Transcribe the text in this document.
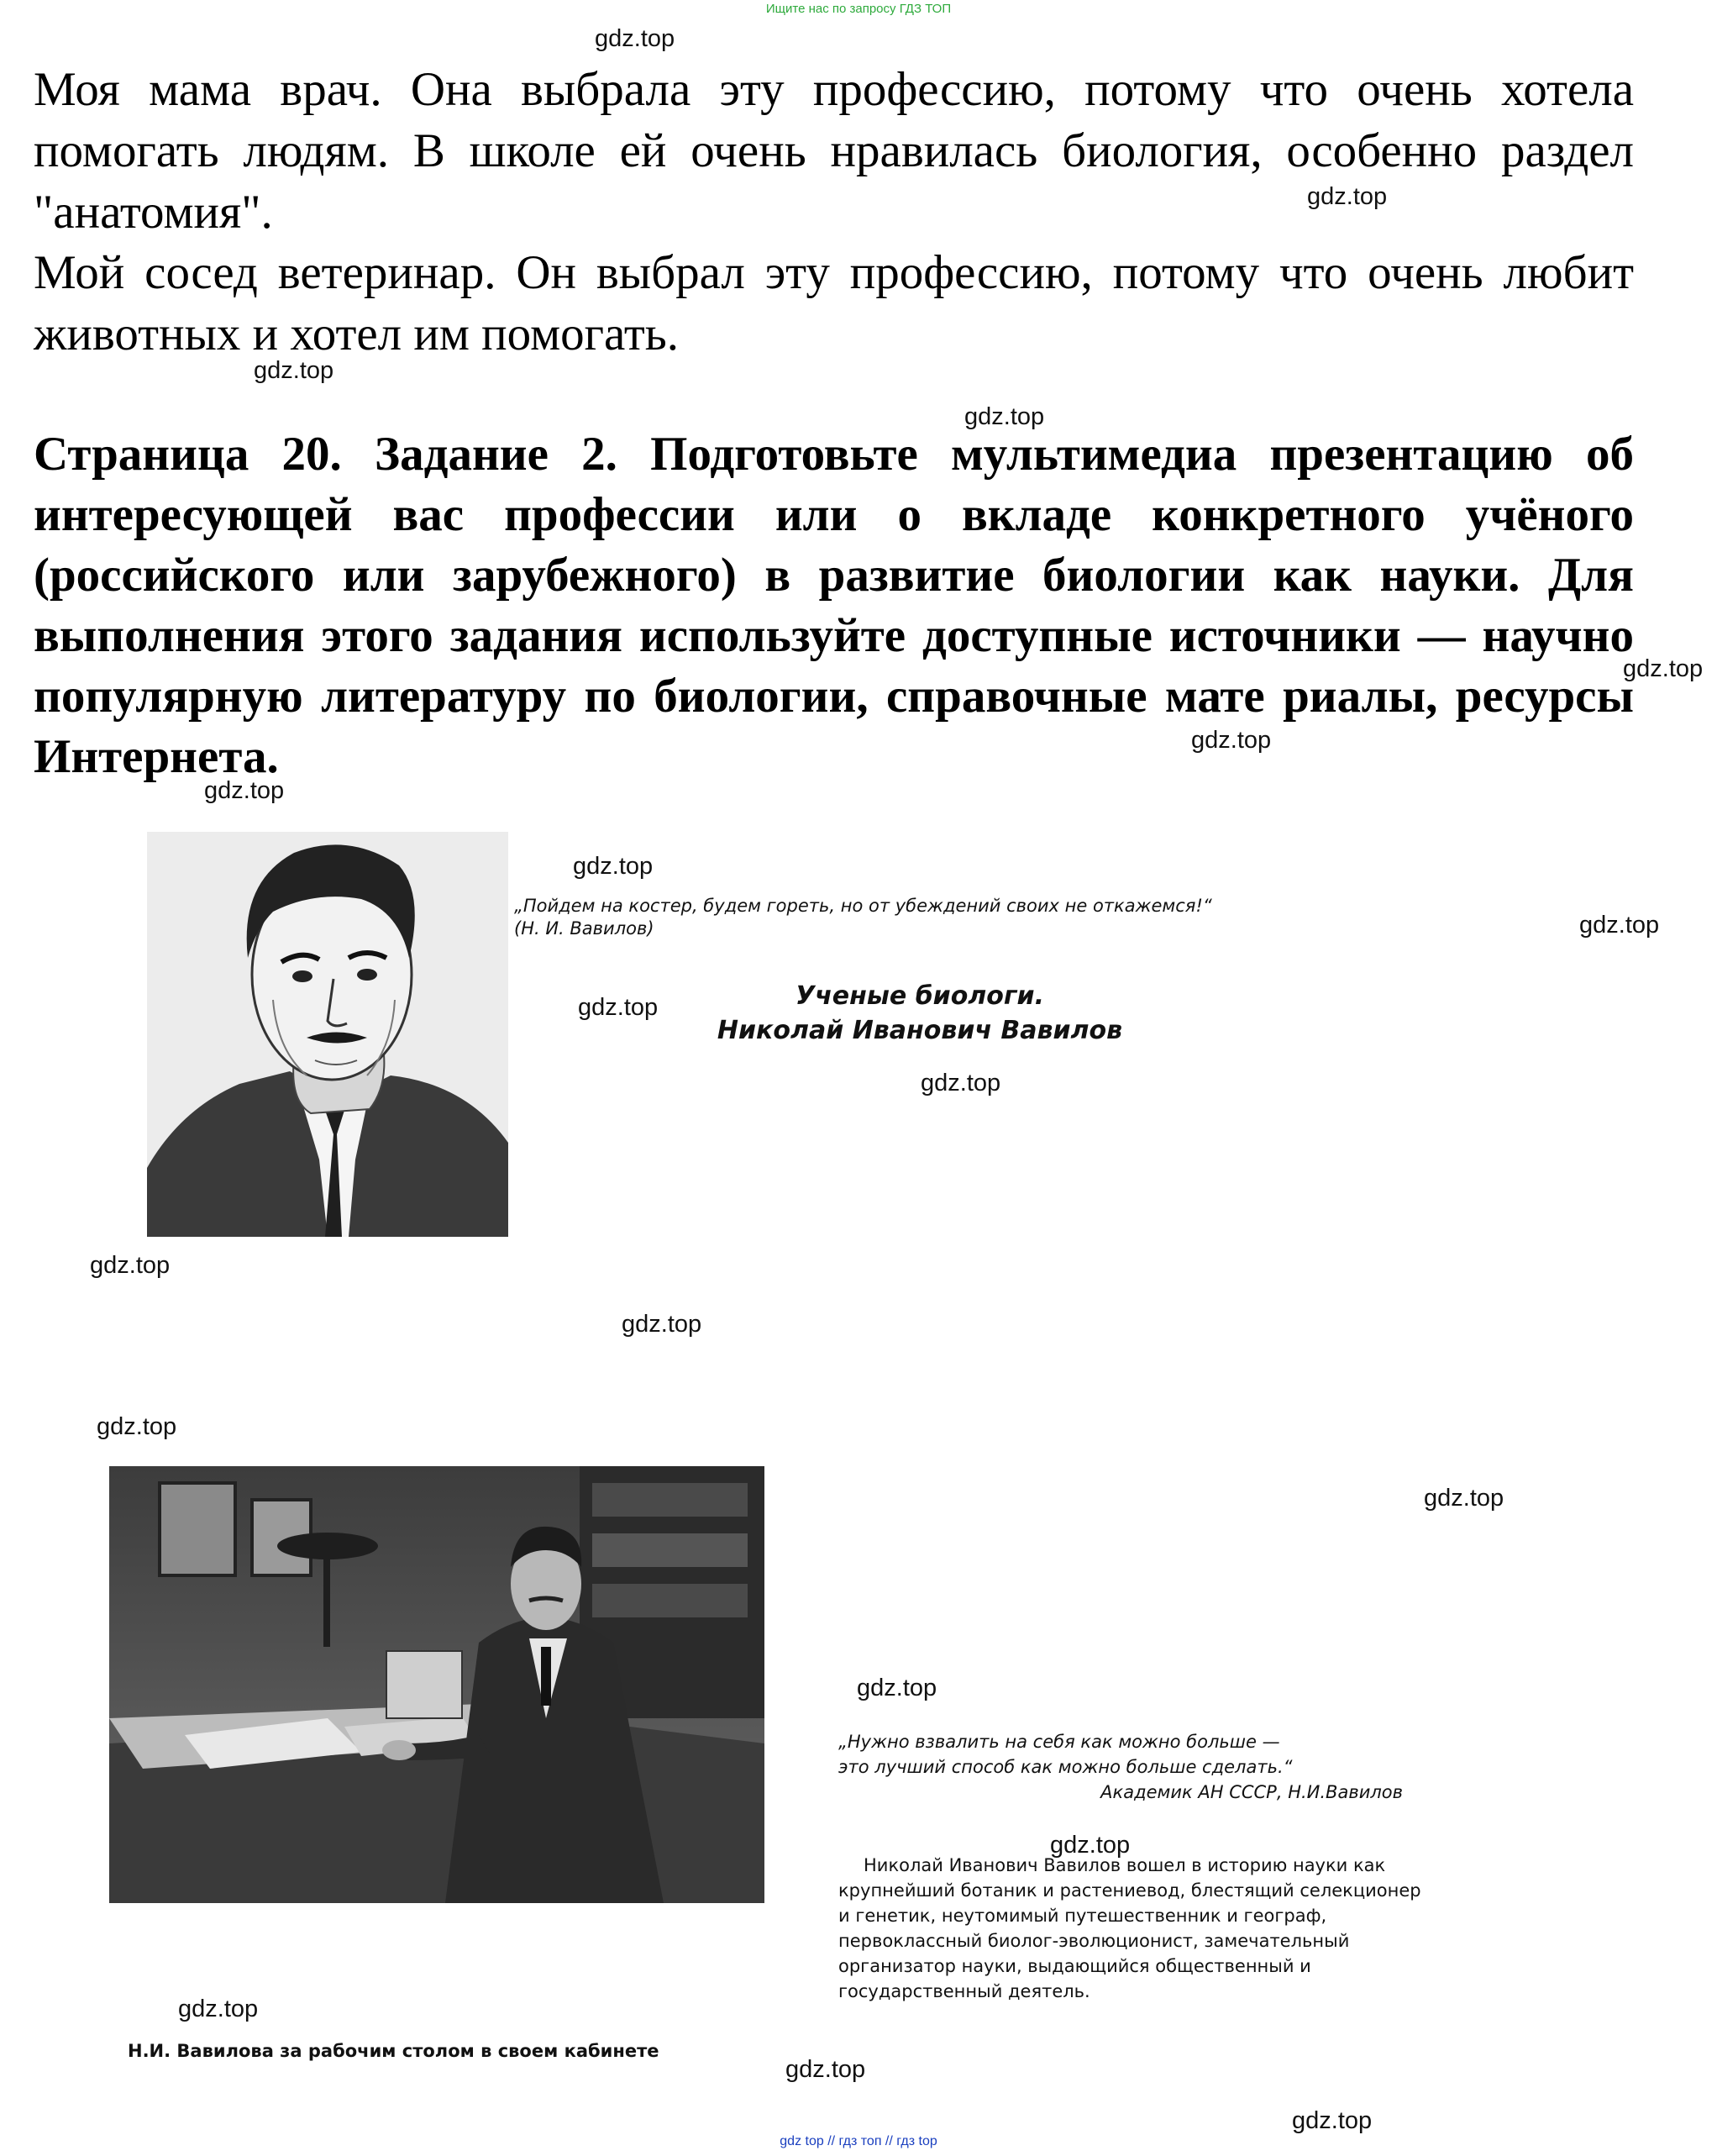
Ищите нас по запросу ГДЗ ТОП
Моя мама врач. Она выбрала эту профессию, потому что очень хотела помогать людям. В школе ей очень нравилась биология, особенно раздел "анатомия".
Мой сосед ветеринар. Он выбрал эту профессию, потому что очень любит животных и хотел им помогать.
Страница 20. Задание 2. Подготовьте мультимедиа презентацию об интересующей вас профессии или о вкладе конкретного учёного (российского или зарубежного) в развитие биологии как науки. Для выполнения этого задания используйте доступные источники — научно популярную литературу по биологии, справочные мате риалы, ресурсы Интернета.
„Пойдем на костер, будем гореть, но от убеждений своих не откажемся!“ (Н. И. Вавилов)
Ученые биологи.
Николай Иванович Вавилов
„Нужно взвалить на себя как можно больше —
это лучший способ как можно больше сделать.“
Академик АН СССР, Н.И.Вавилов
Николай Иванович Вавилов вошел в историю науки как крупнейший ботаник и растениевод, блестящий селекционер и генетик, неутомимый путешественник и географ, первоклассный биолог-эволюционист, замечательный организатор науки, выдающийся общественный и государственный деятель.
Н.И. Вавилова за рабочим столом в своем кабинете
gdz.top
gdz.top
gdz.top
gdz.top
gdz.top
gdz.top
gdz.top
gdz.top
gdz.top
gdz.top
gdz.top
gdz.top
gdz.top
gdz.top
gdz.top
gdz.top
gdz.top
gdz.top
gdz.top
gdz.top
gdz top // гдз топ // гдз top
